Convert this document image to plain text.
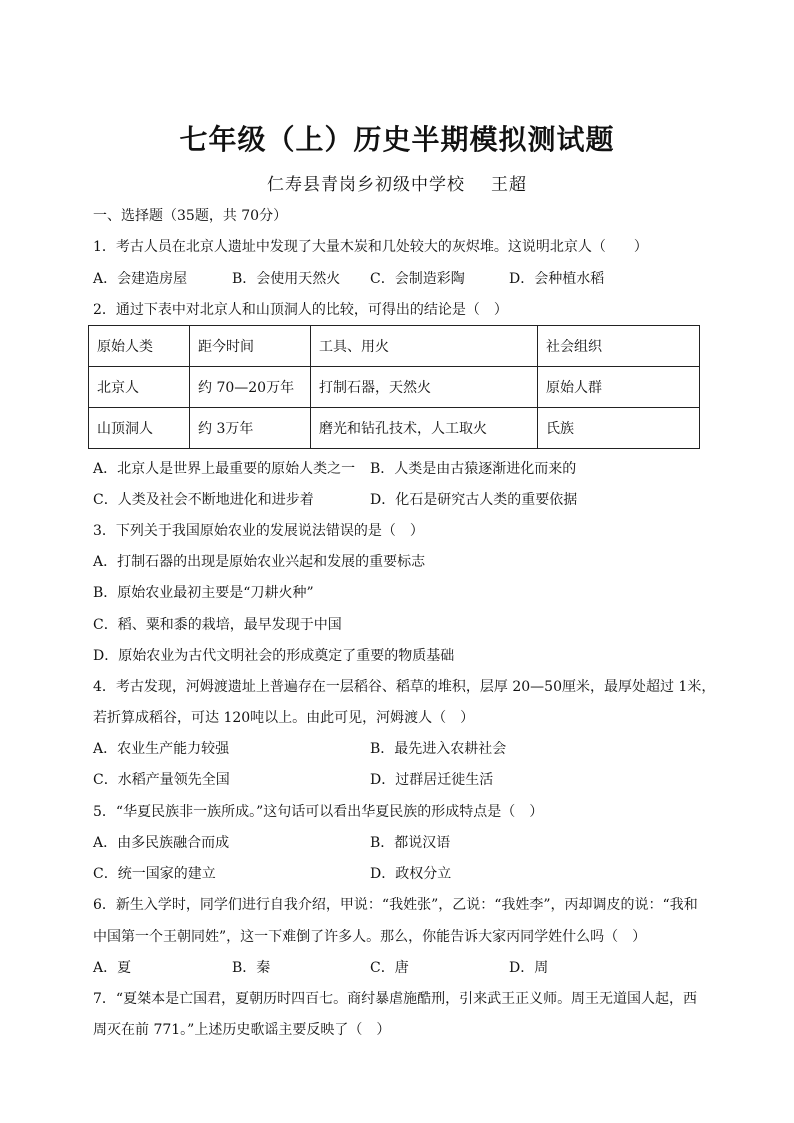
七年级（上）历史半期模拟测试题
仁寿县青岗乡初级中学校 王超
一、选择题（35题，共 70分）
1．考古人员在北京人遗址中发现了大量木炭和几处较大的灰烬堆。这说明北京人（　　）
A．会建造房屋	B．会使用天然火 C．会制造彩陶	D．会种植水稻
2．通过下表中对北京人和山顶洞人的比较，可得出的结论是（　）
原始人类	距今时间	工具、用火	社会组织
北京人	约 70—20万年	打制石器，天然火	原始人群
山顶洞人	约 3万年	磨光和钻孔技术，人工取火	氏族
A．北京人是世界上最重要的原始人类之一 B．人类是由古猿逐渐进化而来的
C．人类及社会不断地进化和进步着	D．化石是研究古人类的重要依据
3．下列关于我国原始农业的发展说法错误的是（　）
A．打制石器的出现是原始农业兴起和发展的重要标志
B．原始农业最初主要是“刀耕火种”
C．稻、粟和黍的栽培，最早发现于中国
D．原始农业为古代文明社会的形成奠定了重要的物质基础
4．考古发现，河姆渡遗址上普遍存在一层稻谷、稻草的堆积，层厚 20—50厘米，最厚处超过 1米，
若折算成稻谷，可达 120吨以上。由此可见，河姆渡人（　）
A．农业生产能力较强	B．最先进入农耕社会
C．水稻产量领先全国	D．过群居迁徙生活
5．“华夏民族非一族所成。”这句话可以看出华夏民族的形成特点是（　）
A．由多民族融合而成	B．都说汉语
C．统一国家的建立	D．政权分立
6．新生入学时，同学们进行自我介绍，甲说：“我姓张”，乙说：“我姓李”，丙却调皮的说：“我和
中国第一个王朝同姓”，这一下难倒了许多人。那么，你能告诉大家丙同学姓什么吗（　）
A．夏	B．秦	C．唐	D．周
7．“夏桀本是亡国君，夏朝历时四百七。商纣暴虐施酷刑，引来武王正义师。周王无道国人起，西
周灭在前 771。”上述历史歌谣主要反映了（　）
